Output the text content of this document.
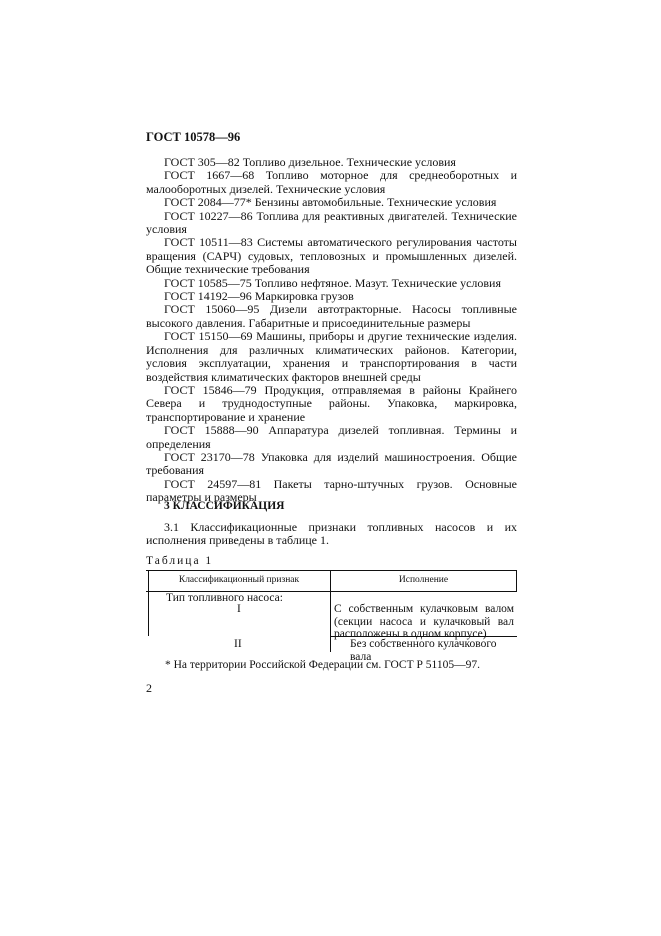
ГОСТ 10578—96

ГОСТ 305—82 Топливо дизельное. Технические условия

ГОСТ 1667—68 Топливо моторное для среднеоборотных и малооборотных дизелей. Технические условия

ГОСТ 2084—77* Бензины автомобильные. Технические условия

ГОСТ 10227—86 Топлива для реактивных двигателей. Технические условия

ГОСТ 10511—83 Системы автоматического регулирования частоты вращения (САРЧ) судовых, тепловозных и промышленных дизелей. Общие технические требования

ГОСТ 10585—75 Топливо нефтяное. Мазут. Технические условия

ГОСТ 14192—96 Маркировка грузов

ГОСТ 15060—95 Дизели автотракторные. Насосы топливные высокого давления. Габаритные и присоединительные размеры

ГОСТ 15150—69 Машины, приборы и другие технические изделия. Исполнения для различных климатических районов. Категории, условия эксплуатации, хранения и транспортирования в части воздействия климатических факторов внешней среды

ГОСТ 15846—79 Продукция, отправляемая в районы Крайнего Севера и труднодоступные районы. Упаковка, маркировка, транспортирование и хранение

ГОСТ 15888—90 Аппаратура дизелей топливная. Термины и определения

ГОСТ 23170—78 Упаковка для изделий машиностроения. Общие требования

ГОСТ 24597—81 Пакеты тарно-штучных грузов. Основные параметры и размеры

3 КЛАССИФИКАЦИЯ
3.1 Классификационные признаки топливных насосов и их исполнения приведены в таблице 1.
Таблица 1
Классификационный признак	Исполнение
Тип топливного насоса:
I	С собственным кулачковым валом (секции насоса и кулачковый вал расположены в одном корпусе)
II	Без собственного кулачкового вала
* На территории Российской Федерации см. ГОСТ Р 51105—97.
2
